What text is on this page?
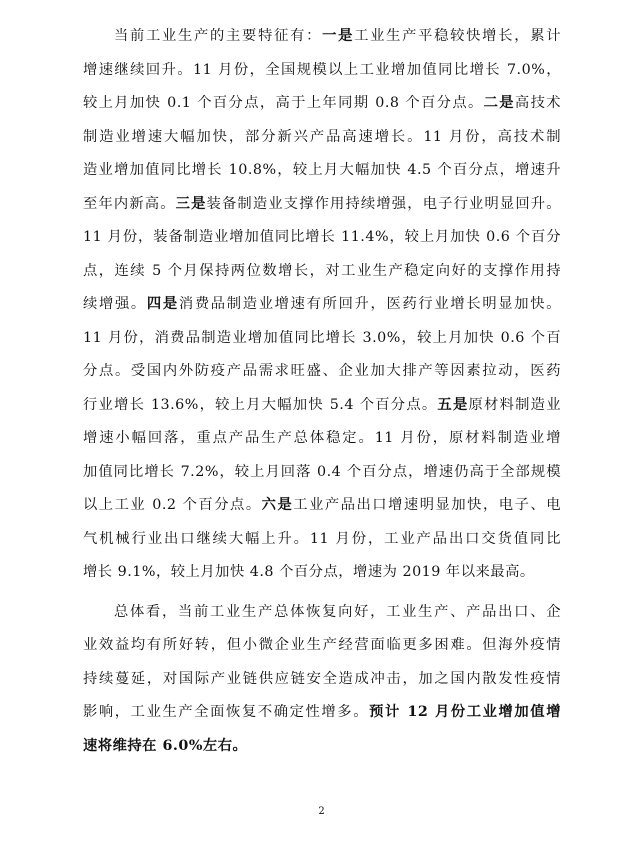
当前工业生产的主要特征有：一是工业生产平稳较快增长，累计
增速继续回升。11 月份，全国规模以上工业增加值同比增长 7.0%，
较上月加快 0.1 个百分点，高于上年同期 0.8 个百分点。二是高技术
制造业增速大幅加快，部分新兴产品高速增长。11 月份，高技术制
造业增加值同比增长 10.8%，较上月大幅加快 4.5 个百分点，增速升
至年内新高。三是装备制造业支撑作用持续增强，电子行业明显回升。
11 月份，装备制造业增加值同比增长 11.4%，较上月加快 0.6 个百分
点，连续 5 个月保持两位数增长，对工业生产稳定向好的支撑作用持
续增强。四是消费品制造业增速有所回升，医药行业增长明显加快。
11 月份，消费品制造业增加值同比增长 3.0%，较上月加快 0.6 个百
分点。受国内外防疫产品需求旺盛、企业加大排产等因素拉动，医药
行业增长 13.6%，较上月大幅加快 5.4 个百分点。五是原材料制造业
增速小幅回落，重点产品生产总体稳定。11 月份，原材料制造业增
加值同比增长 7.2%，较上月回落 0.4 个百分点，增速仍高于全部规模
以上工业 0.2 个百分点。六是工业产品出口增速明显加快，电子、电
气机械行业出口继续大幅上升。11 月份，工业产品出口交货值同比
增长 9.1%，较上月加快 4.8 个百分点，增速为 2019 年以来最高。
总体看，当前工业生产总体恢复向好，工业生产、产品出口、企
业效益均有所好转，但小微企业生产经营面临更多困难。但海外疫情
持续蔓延，对国际产业链供应链安全造成冲击，加之国内散发性疫情
影响，工业生产全面恢复不确定性增多。预计 12 月份工业增加值增
速将维持在 6.0%左右。
2
